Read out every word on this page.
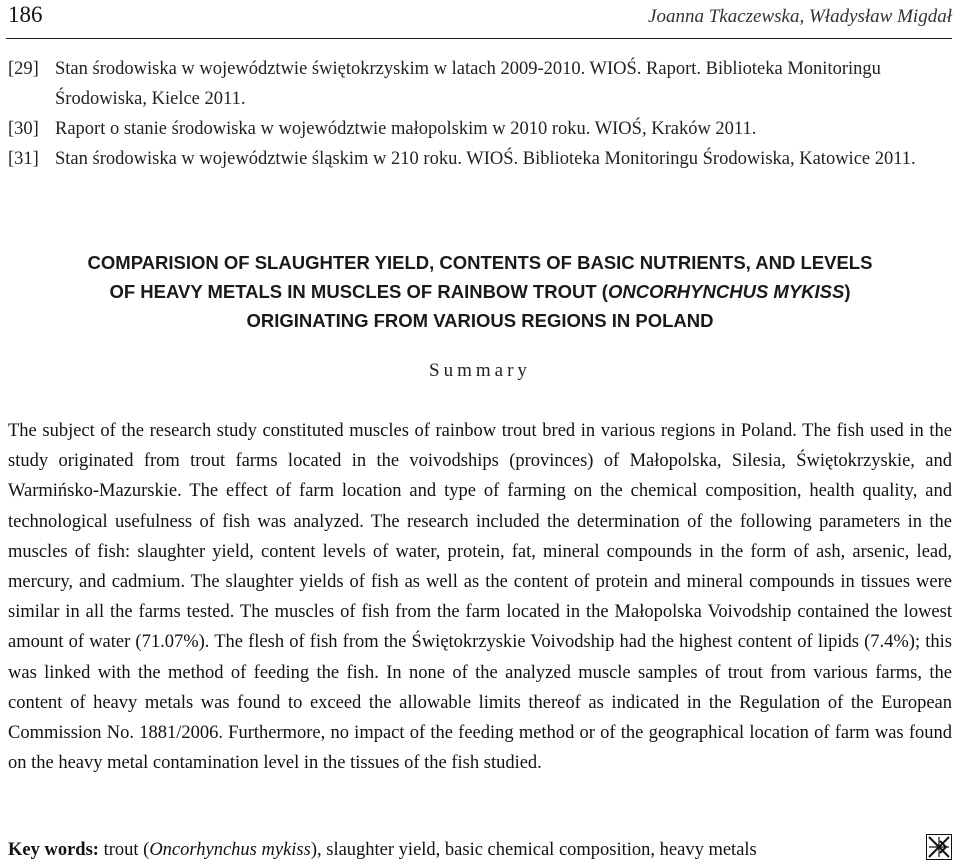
186	Joanna Tkaczewska, Władysław Migdał
[29] Stan środowiska w województwie świętokrzyskim w latach 2009-2010. WIOŚ. Raport. Biblioteka Monitoringu Środowiska, Kielce 2011.
[30] Raport o stanie środowiska w województwie małopolskim w 2010 roku. WIOŚ, Kraków 2011.
[31] Stan środowiska w województwie śląskim w 210 roku. WIOŚ. Biblioteka Monitoringu Środowiska, Katowice 2011.
COMPARISION OF SLAUGHTER YIELD, CONTENTS OF BASIC NUTRIENTS, AND LEVELS
OF HEAVY METALS IN MUSCLES OF RAINBOW TROUT (ONCORHYNCHUS MYKISS)
ORIGINATING FROM VARIOUS REGIONS IN POLAND
Summary
The subject of the research study constituted muscles of rainbow trout bred in various regions in Poland. The fish used in the study originated from trout farms located in the voivodships (provinces) of Małopolska, Silesia, Świętokrzyskie, and Warmińsko-Mazurskie. The effect of farm location and type of farming on the chemical composition, health quality, and technological usefulness of fish was analyzed. The research included the determination of the following parameters in the muscles of fish: slaughter yield, content levels of water, protein, fat, mineral compounds in the form of ash, arsenic, lead, mercury, and cadmium. The slaughter yields of fish as well as the content of protein and mineral compounds in tissues were similar in all the farms tested. The muscles of fish from the farm located in the Małopolska Voivodship contained the lowest amount of water (71.07%). The flesh of fish from the Świętokrzyskie Voivodship had the highest content of lipids (7.4%); this was linked with the method of feeding the fish. In none of the analyzed muscle samples of trout from various farms, the content of heavy metals was found to exceed the allowable limits thereof as indicated in the Regulation of the European Commission No. 1881/2006. Furthermore, no impact of the feeding method or of the geographical location of farm was found on the heavy metal contamination level in the tissues of the fish studied.
Key words: trout (Oncorhynchus mykiss), slaughter yield, basic chemical composition, heavy metals
